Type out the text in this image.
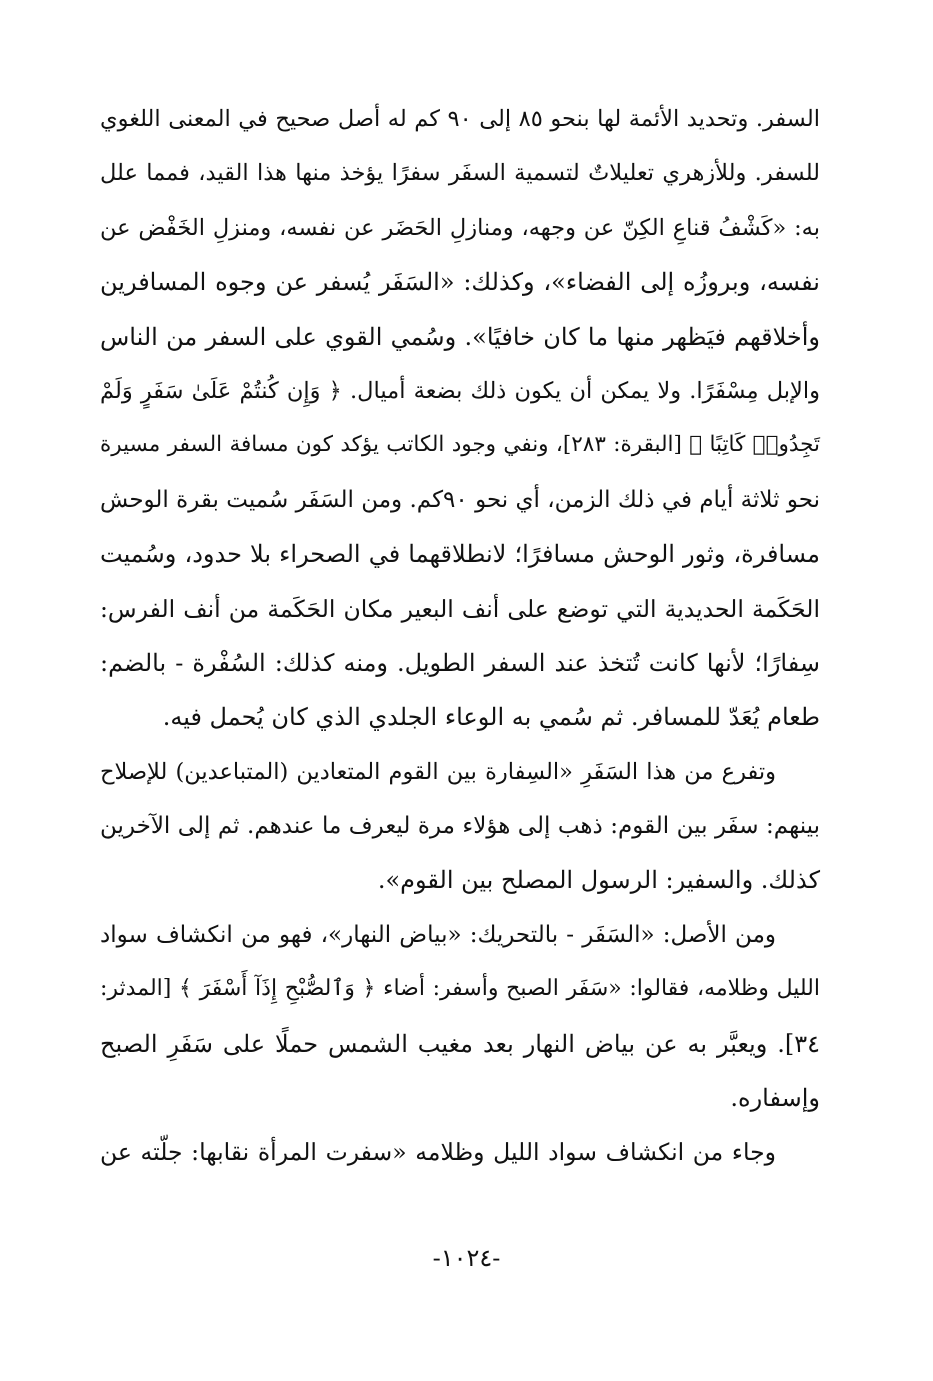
السفر. وتحديد الأئمة لها بنحو ٨٥ إلى ٩٠ كم له أصل صحيح في المعنى اللغوي
للسفر. وللأزهري تعليلاتٌ لتسمية السفَر سفرًا يؤخذ منها هذا القيد، فمما علل
به: «كَشْفُ قناعِ الكِنّ عن وجهه، ومنازلِ الحَضَر عن نفسه، ومنزلِ الخَفْض عن
نفسه، وبروزُه إلى الفضاء»، وكذلك: «السَفَر يُسفر عن وجوه المسافرين
وأخلاقهم فيَظهر منها ما كان خافيًا». وسُمي القوي على السفر من الناس
والإبل مِسْفَرًا. ولا يمكن أن يكون ذلك بضعة أميال. ﴿ وَإِن كُنتُمْ عَلَىٰ سَفَرٍ وَلَمْ
تَجِدُوا۟ كَاتِبًا ﴾ [البقرة: ٢٨٣]، ونفي وجود الكاتب يؤكد كون مسافة السفر مسيرة
نحو ثلاثة أيام في ذلك الزمن، أي نحو ٩٠كم. ومن السَفَر سُميت بقرة الوحش
مسافرة، وثور الوحش مسافرًا؛ لانطلاقهما في الصحراء بلا حدود، وسُميت
الحَكَمة الحديدية التي توضع على أنف البعير مكان الحَكَمة من أنف الفرس:
سِفارًا؛ لأنها كانت تُتخذ عند السفر الطويل. ومنه كذلك: السُفْرة - بالضم:
طعام يُعَدّ للمسافر. ثم سُمي به الوعاء الجلدي الذي كان يُحمل فيه.
وتفرع من هذا السَفَرِ «السِفارة بين القوم المتعادين (المتباعدين) للإصلاح
بينهم: سفَر بين القوم: ذهب إلى هؤلاء مرة ليعرف ما عندهم. ثم إلى الآخرين
كذلك. والسفير: الرسول المصلح بين القوم».
ومن الأصل: «السَفَر - بالتحريك: «بياض النهار»، فهو من انكشاف سواد
الليل وظلامه، فقالوا: «سَفَر الصبح وأسفر: أضاء ﴿ وَٱلصُّبْحِ إِذَآ أَسْفَرَ ﴾ [المدثر:
٣٤]. ويعبَّر به عن بياض النهار بعد مغيب الشمس حملًا على سَفَرِ الصبح
وإسفاره.
وجاء من انكشاف سواد الليل وظلامه «سفرت المرأة نقابها: جلّته عن
-١٠٢٤-
